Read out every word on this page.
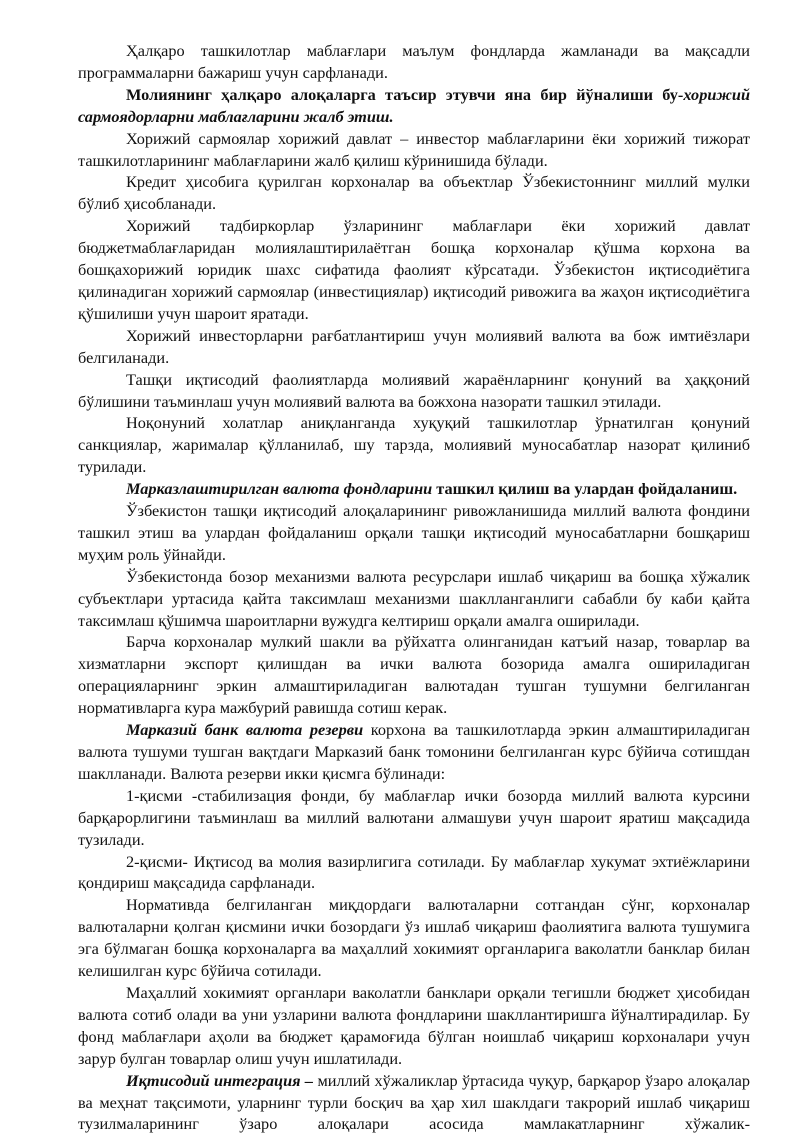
Ҳалқаро ташкилотлар маблағлари маълум фондларда жамланади ва мақсадли программаларни бажариш учун сарфланади.

Молиянинг ҳалқаро алоқаларга таъсир этувчи яна бир йўналиши бу-хорижий сармоядорларни маблағларини жалб этиш.

Хорижий сармоялар хорижий давлат – инвестор маблағларини ёки хорижий тижорат ташкилотларининг маблағларини жалб қилиш кўринишида бўлади.

Кредит ҳисобига қурилган корхоналар ва объектлар Ўзбекистоннинг миллий мулки бўлиб ҳисобланади.

Хорижий тадбиркорлар ўзларининг маблағлари ёки хорижий давлат бюджетмаблағларидан молиялаштирилаётган бошқа корхоналар қўшма корхона ва бошқахорижий юридик шахс сифатида фаолият кўрсатади. Ўзбекистон иқтисодиётига қилинадиган хорижий сармоялар (инвестициялар) иқтисодий ривожига ва жаҳон иқтисодиётига қўшилиши учун шароит яратади.

Хорижий инвесторларни рағбатлантириш учун молиявий валюта ва бож имтиёзлари белгиланади.

Ташқи иқтисодий фаолиятларда молиявий жараёнларнинг қонуний ва ҳаққоний бўлишини таъминлаш учун молиявий валюта ва божхона назорати ташкил этилади.

Ноқонуний холатлар аниқланганда хуқуқий ташкилотлар ўрнатилган қонуний санкциялар, жарималар қўлланилаб, шу тарзда, молиявий муносабатлар назорат қилиниб турилади.

Марказлаштирилган валюта фондларини ташкил қилиш ва улардан фойдаланиш.

Ўзбекистон ташқи иқтисодий алоқаларининг ривожланишида миллий валюта фондини ташкил этиш ва улардан фойдаланиш орқали ташқи иқтисодий муносабатларни бошқариш муҳим роль ўйнайди.

Ўзбекистонда бозор механизми валюта ресурслари ишлаб чиқариш ва бошқа хўжалик субъектлари уртасида қайта таксимлаш механизми шаклланганлиги сабабли бу каби қайта таксимлаш қўшимча шароитларни вужудга келтириш орқали амалга оширилади.

Барча корхоналар мулкий шакли ва рўйхатга олинганидан катъий назар, товарлар ва хизматларни экспорт қилишдан ва ички валюта бозорида амалга ошириладиган операцияларнинг эркин алмаштириладиган валютадан тушган тушумни белгиланган нормативларга кура мажбурий равишда сотиш керак.

Марказий банк валюта резерви корхона ва ташкилотларда эркин алмаштириладиган валюта тушуми тушган вақтдаги Марказий банк томонини белгиланган курс бўйича сотишдан шаклланади. Валюта резерви икки қисмга бўлинади:

1-қисми -стабилизация фонди, бу маблағлар ички бозорда миллий валюта курсини барқарорлигини таъминлаш ва миллий валютани алмашуви учун шароит яратиш мақсадида тузилади.

2-қисми- Иқтисод ва молия вазирлигига сотилади. Бу маблағлар хукумат эхтиёжларини қондириш мақсадида сарфланади.

Нормативда белгиланган миқдордаги валюталарни сотгандан сўнг, корхоналар валюталарни қолган қисмини ички бозордаги ўз ишлаб чиқариш фаолиятига валюта тушумига эга бўлмаган бошқа корхоналарга ва маҳаллий хокимият органларига ваколатли банклар билан келишилган курс бўйича сотилади.

Маҳаллий хокимият органлари ваколатли банклари орқали тегишли бюджет ҳисобидан валюта сотиб олади ва уни узларини валюта фондларини шакллантиришга йўналтирадилар. Бу фонд маблағлари аҳоли ва бюджет қарамоғида бўлган ноишлаб чиқариш корхоналари учун зарур булган товарлар олиш учун ишлатилади.

Иқтисодий интеграция – миллий хўжаликлар ўртасида чуқур, барқарор ўзаро алоқалар ва меҳнат тақсимоти, уларнинг турли босқич ва ҳар хил шаклдаги такрорий ишлаб чиқариш тузилмаларининг ўзаро алоқалари асосида мамлакатларнинг хўжалик-
